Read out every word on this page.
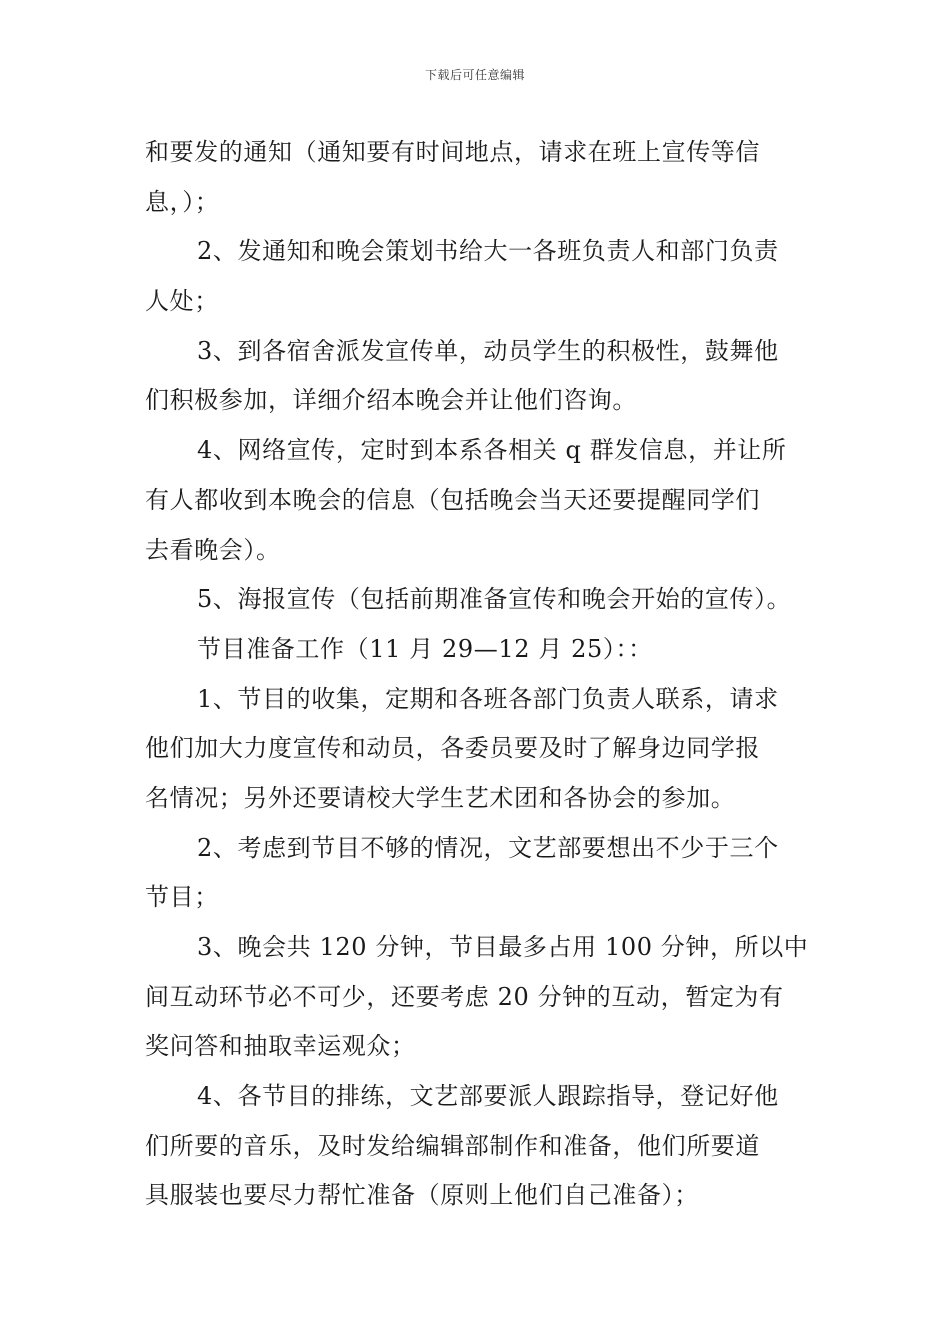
下载后可任意编辑
和要发的通知（通知要有时间地点，请求在班上宣传等信
息，）；
2、发通知和晚会策划书给大一各班负责人和部门负责
人处；
3、到各宿舍派发宣传单，动员学生的积极性，鼓舞他
们积极参加，详细介绍本晚会并让他们咨询。
4、网络宣传，定时到本系各相关 q 群发信息，并让所
有人都收到本晚会的信息（包括晚会当天还要提醒同学们
去看晚会）。
5、海报宣传（包括前期准备宣传和晚会开始的宣传）。
节目准备工作（11 月 29—12 月 25）：：
1、节目的收集，定期和各班各部门负责人联系，请求
他们加大力度宣传和动员，各委员要及时了解身边同学报
名情况；另外还要请校大学生艺术团和各协会的参加。
2、考虑到节目不够的情况，文艺部要想出不少于三个
节目；
3、晚会共 120 分钟，节目最多占用 100 分钟，所以中
间互动环节必不可少，还要考虑 20 分钟的互动，暂定为有
奖问答和抽取幸运观众；
4、各节目的排练，文艺部要派人跟踪指导，登记好他
们所要的音乐，及时发给编辑部制作和准备，他们所要道
具服装也要尽力帮忙准备（原则上他们自己准备）；
